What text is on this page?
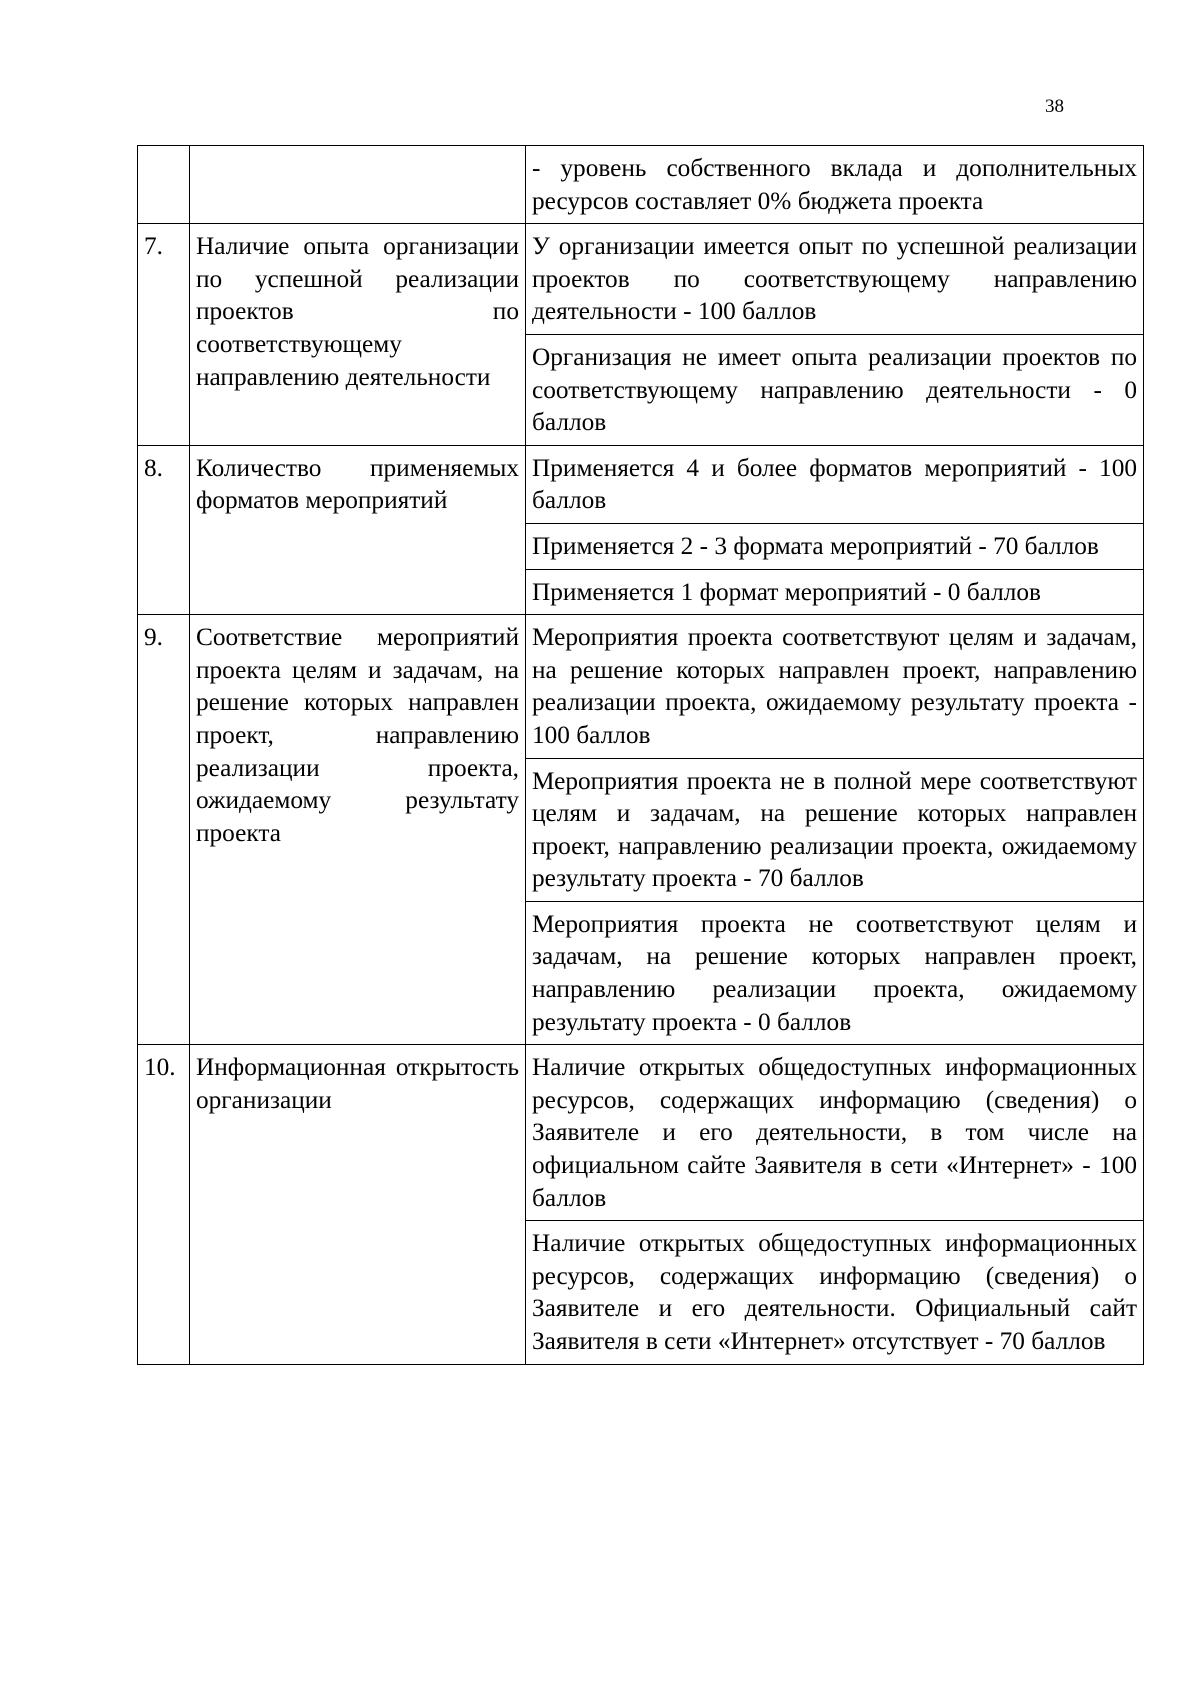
38
		- уровень собственного вклада и дополнительных ресурсов составляет 0% бюджета проекта
7.	Наличие опыта организации по успешной реализации проектов по соответствующему направлению деятельности	У организации имеется опыт по успешной реализации проектов по соответствующему направлению деятельности - 100 баллов
		Организация не имеет опыта реализации проектов по соответствующему направлению деятельности - 0 баллов
8.	Количество применяемых форматов мероприятий	Применяется 4 и более форматов мероприятий - 100 баллов
		Применяется 2 - 3 формата мероприятий - 70 баллов
		Применяется 1 формат мероприятий - 0 баллов
9.	Соответствие мероприятий проекта целям и задачам, на решение которых направлен проект, направлению реализации проекта, ожидаемому результату проекта	Мероприятия проекта соответствуют целям и задачам, на решение которых направлен проект, направлению реализации проекта, ожидаемому результату проекта - 100 баллов
		Мероприятия проекта не в полной мере соответствуют целям и задачам, на решение которых направлен проект, направлению реализации проекта, ожидаемому результату проекта - 70 баллов
		Мероприятия проекта не соответствуют целям и задачам, на решение которых направлен проект, направлению реализации проекта, ожидаемому результату проекта - 0 баллов
10.	Информационная открытость организации	Наличие открытых общедоступных информационных ресурсов, содержащих информацию (сведения) о Заявителе и его деятельности, в том числе на официальном сайте Заявителя в сети «Интернет» - 100 баллов
		Наличие открытых общедоступных информационных ресурсов, содержащих информацию (сведения) о Заявителе и его деятельности. Официальный сайт Заявителя в сети «Интернет» отсутствует - 70 баллов
